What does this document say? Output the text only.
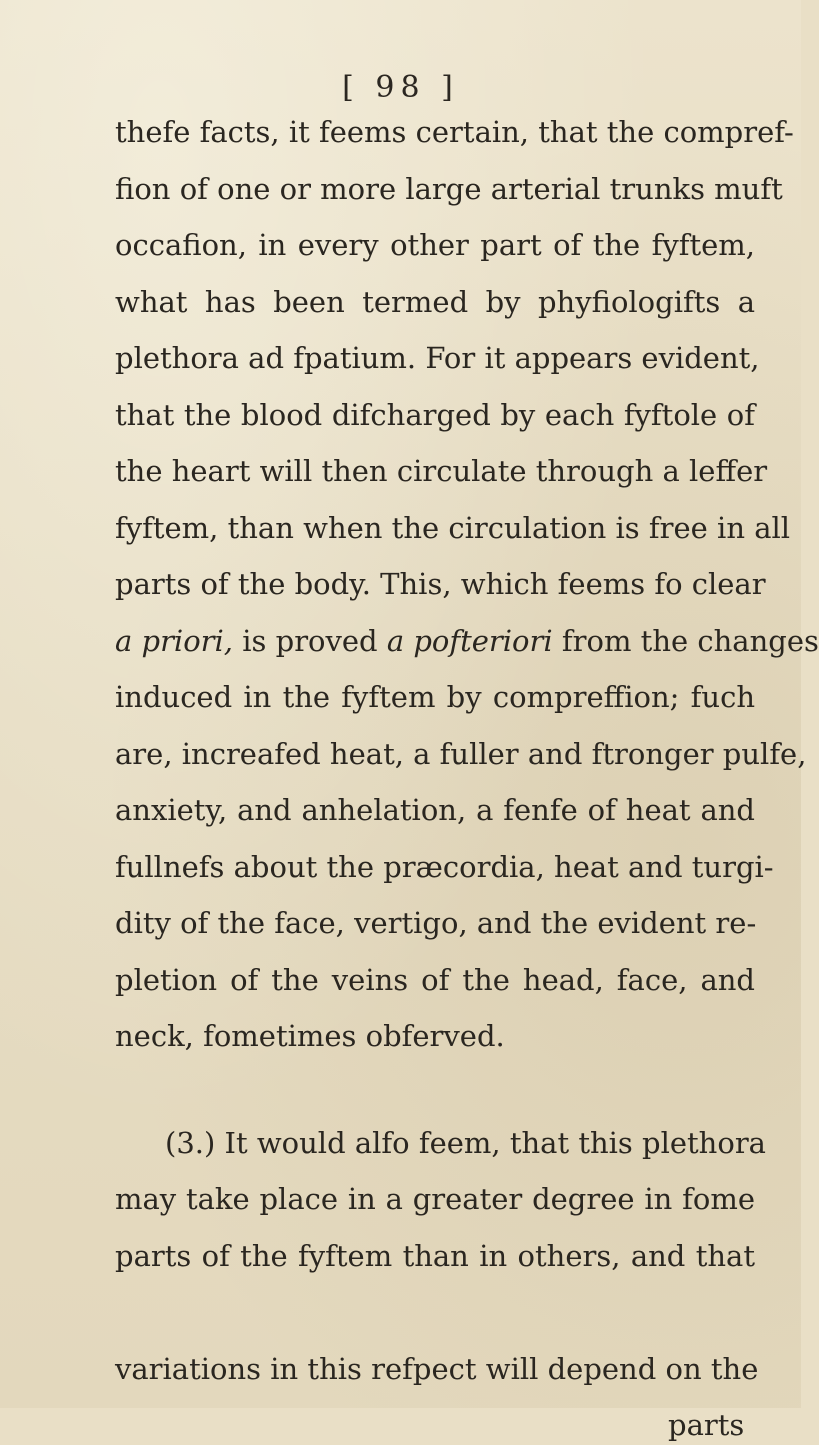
[ 98 ]
thefe facts, it feems certain, that the compref-
fion of one or more large arterial trunks muft
occafion, in every other part of the fyftem,
what has been termed by phyfiologifts a
plethora ad fpatium. For it appears evident,
that the blood difcharged by each fyftole of
the heart will then circulate through a leffer
fyftem, than when the circulation is free in all
parts of the body. This, which feems fo clear
a priori, is proved a pofteriori from the changes
induced in the fyftem by compreffion; fuch
are, increafed heat, a fuller and ftronger pulfe,
anxiety, and anhelation, a fenfe of heat and
fullnefs about the præcordia, heat and turgi-
dity of the face, vertigo, and the evident re-
pletion of the veins of the head, face, and
neck, fometimes obferved.
(3.) It would alfo feem, that this plethora
may take place in a greater degree in fome
parts of the fyftem than in others, and that
variations in this refpect will depend on the
parts
